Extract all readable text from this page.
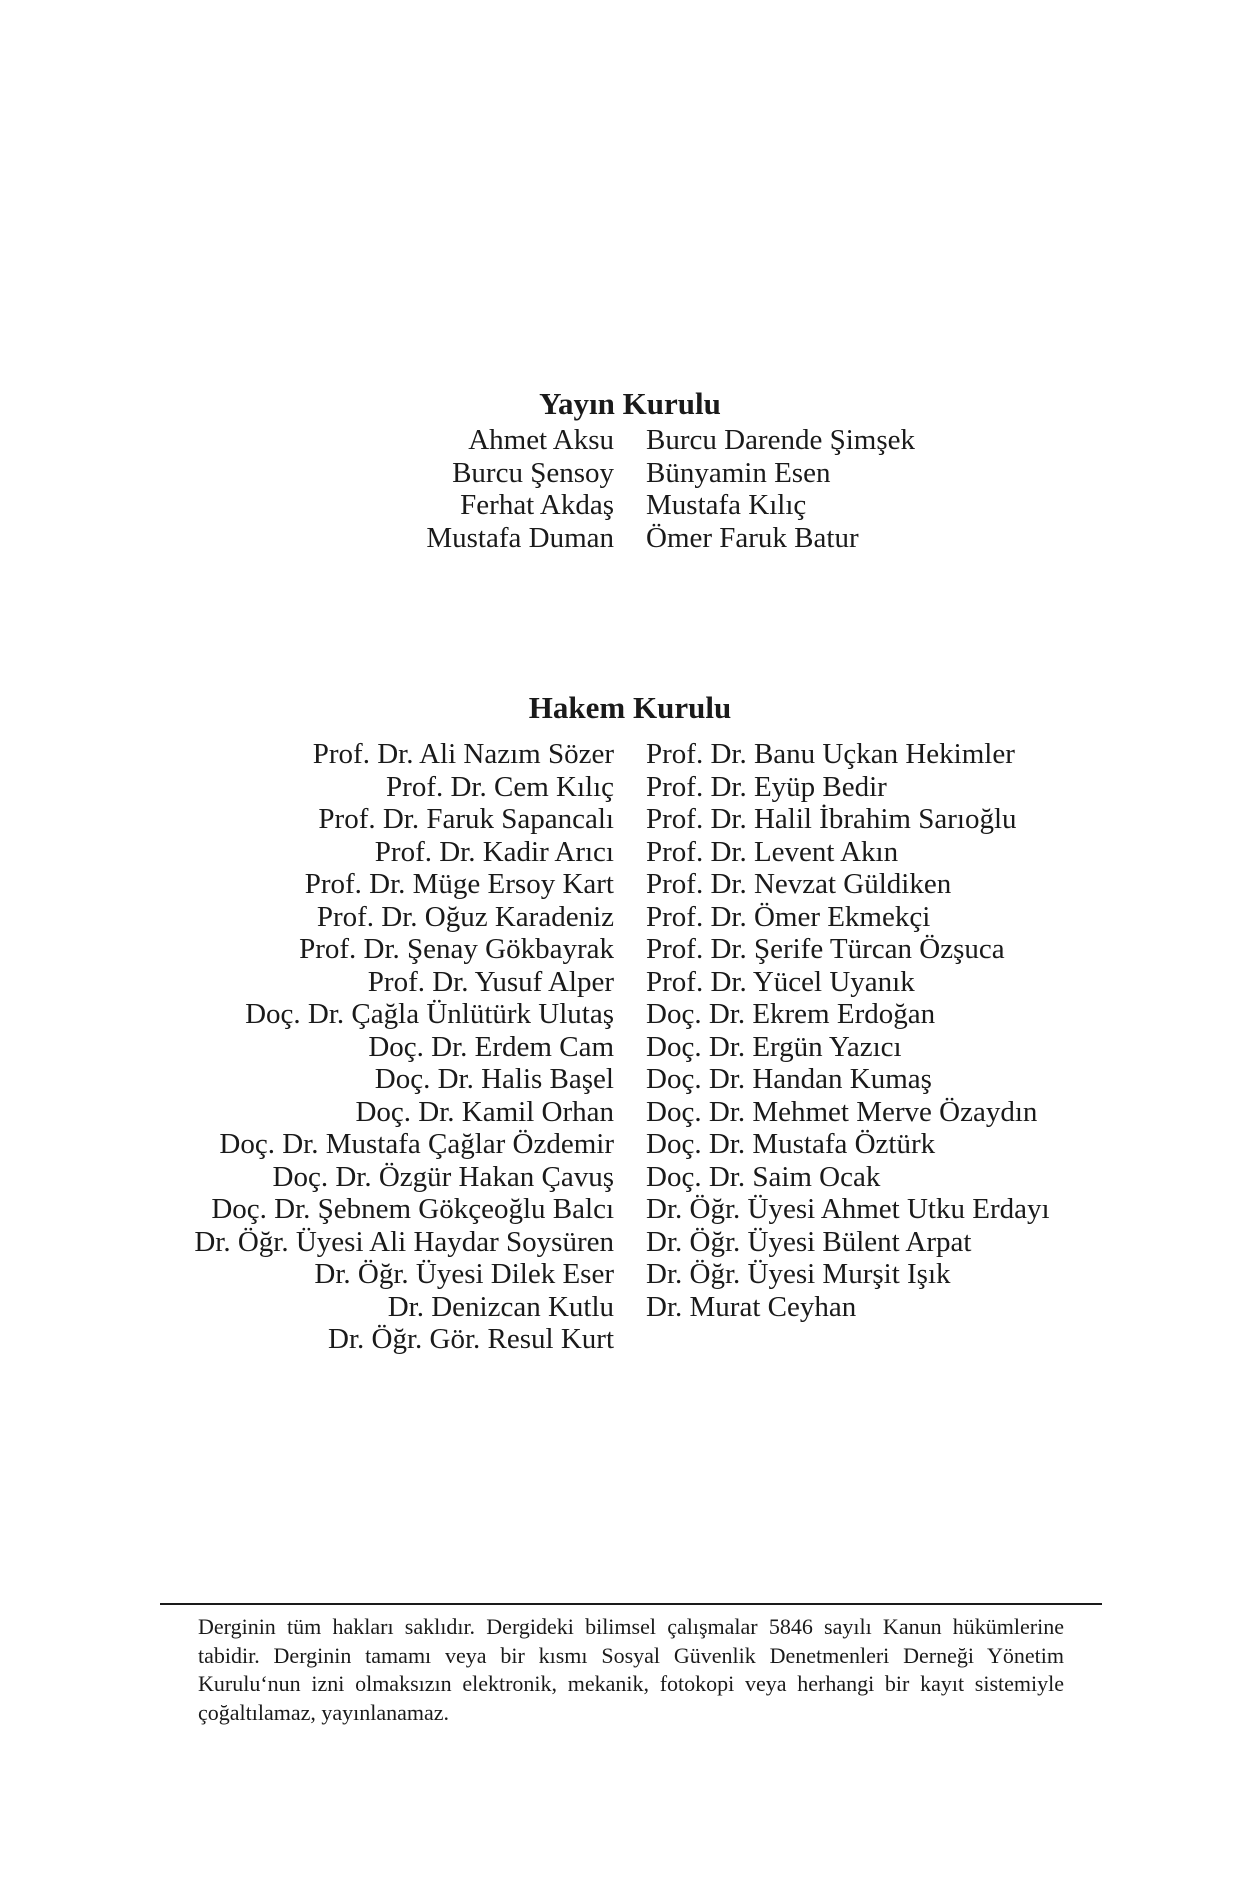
Yayın Kurulu
Ahmet Aksu
Burcu Şensoy
Ferhat Akdaş
Mustafa Duman
Burcu Darende Şimşek
Bünyamin Esen
Mustafa Kılıç
Ömer Faruk Batur
Hakem Kurulu
Prof. Dr. Ali Nazım Sözer
Prof. Dr. Cem Kılıç
Prof. Dr. Faruk Sapancalı
Prof. Dr. Kadir Arıcı
Prof. Dr. Müge Ersoy Kart
Prof. Dr. Oğuz Karadeniz
Prof. Dr. Şenay Gökbayrak
Prof. Dr. Yusuf Alper
Doç. Dr. Çağla Ünlütürk Ulutaş
Doç. Dr. Erdem Cam
Doç. Dr. Halis Başel
Doç. Dr. Kamil Orhan
Doç. Dr. Mustafa Çağlar Özdemir
Doç. Dr. Özgür Hakan Çavuş
Doç. Dr. Şebnem Gökçeoğlu Balcı
Dr. Öğr. Üyesi Ali Haydar Soysüren
Dr. Öğr. Üyesi Dilek Eser
Dr. Denizcan Kutlu
Dr. Öğr. Gör. Resul Kurt
Prof. Dr. Banu Uçkan Hekimler
Prof. Dr. Eyüp Bedir
Prof. Dr. Halil İbrahim Sarıoğlu
Prof. Dr. Levent Akın
Prof. Dr. Nevzat Güldiken
Prof. Dr. Ömer Ekmekçi
Prof. Dr. Şerife Türcan Özşuca
Prof. Dr. Yücel Uyanık
Doç. Dr. Ekrem Erdoğan
Doç. Dr. Ergün Yazıcı
Doç. Dr. Handan Kumaş
Doç. Dr. Mehmet Merve Özaydın
Doç. Dr. Mustafa Öztürk
Doç. Dr. Saim Ocak
Dr. Öğr. Üyesi Ahmet Utku Erdayı
Dr. Öğr. Üyesi Bülent Arpat
Dr. Öğr. Üyesi Murşit Işık
Dr. Murat Ceyhan

Derginin tüm hakları saklıdır. Dergideki bilimsel çalışmalar 5846 sayılı Kanun hükümlerine tabidir. Derginin tamamı veya bir kısmı Sosyal Güvenlik Denetmenleri Derneği Yönetim Kurulu‘nun izni olmaksızın elektronik, mekanik, fotokopi veya herhangi bir kayıt sistemiyle çoğaltılamaz, yayınlanamaz.
